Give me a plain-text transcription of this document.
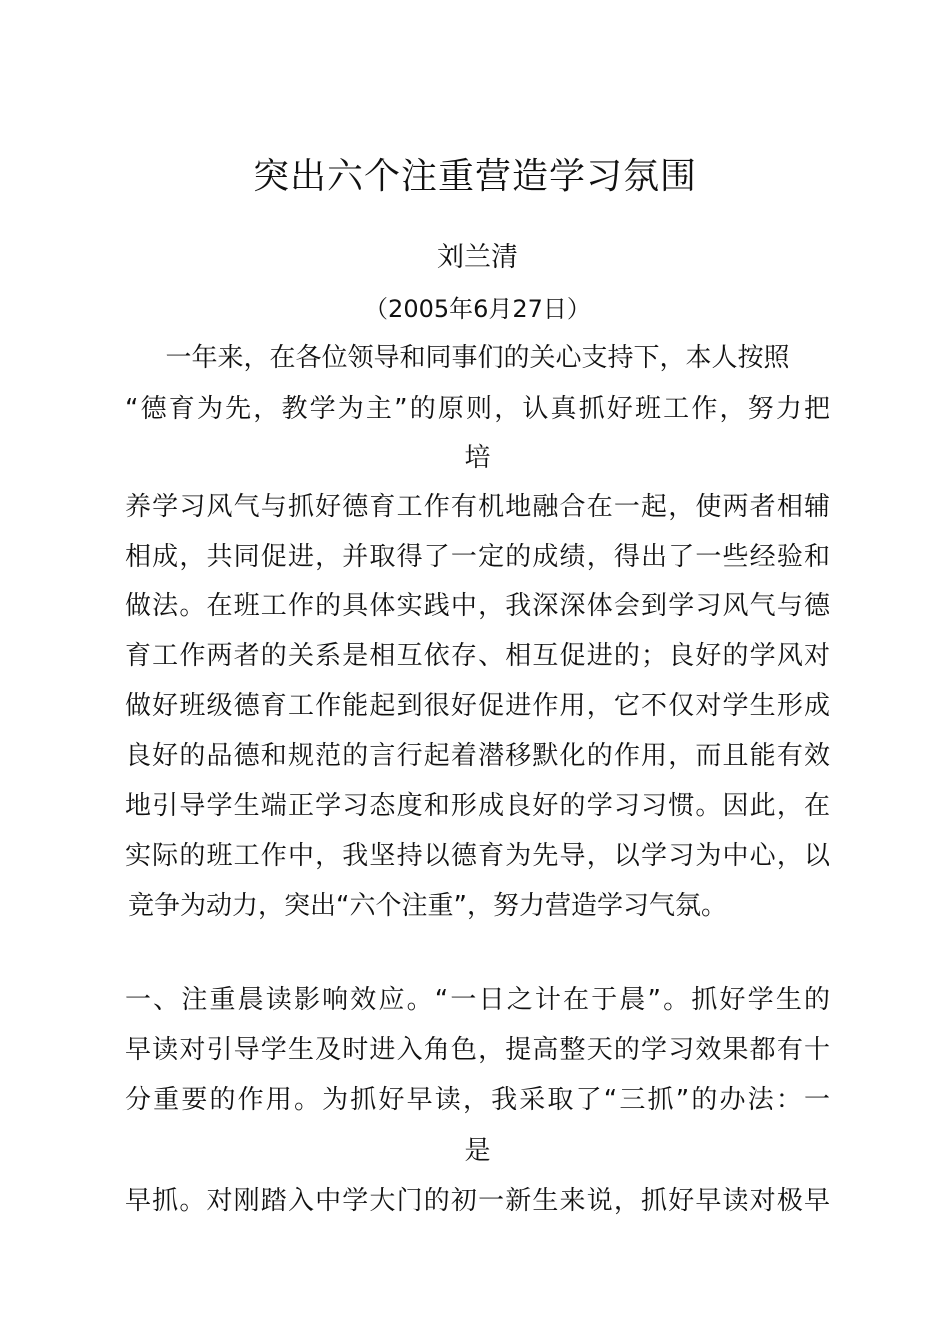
突出六个注重营造学习氛围
刘兰清
（2005年6月27日）
一年来，在各位领导和同事们的关心支持下，本人按照
“德育为先，教学为主”的原则，认真抓好班工作，努力把
培
养学习风气与抓好德育工作有机地融合在一起，使两者相辅
相成，共同促进，并取得了一定的成绩，得出了一些经验和
做法。在班工作的具体实践中，我深深体会到学习风气与德
育工作两者的关系是相互依存、相互促进的；良好的学风对
做好班级德育工作能起到很好促进作用，它不仅对学生形成
良好的品德和规范的言行起着潜移默化的作用，而且能有效
地引导学生端正学习态度和形成良好的学习习惯。因此，在
实际的班工作中，我坚持以德育为先导，以学习为中心，以
竞争为动力，突出“六个注重”，努力营造学习气氛。
一、注重晨读影响效应。“一日之计在于晨”。抓好学生的
早读对引导学生及时进入角色，提高整天的学习效果都有十
分重要的作用。为抓好早读，我采取了“三抓”的办法：一
是
早抓。对刚踏入中学大门的初一新生来说，抓好早读对极早
